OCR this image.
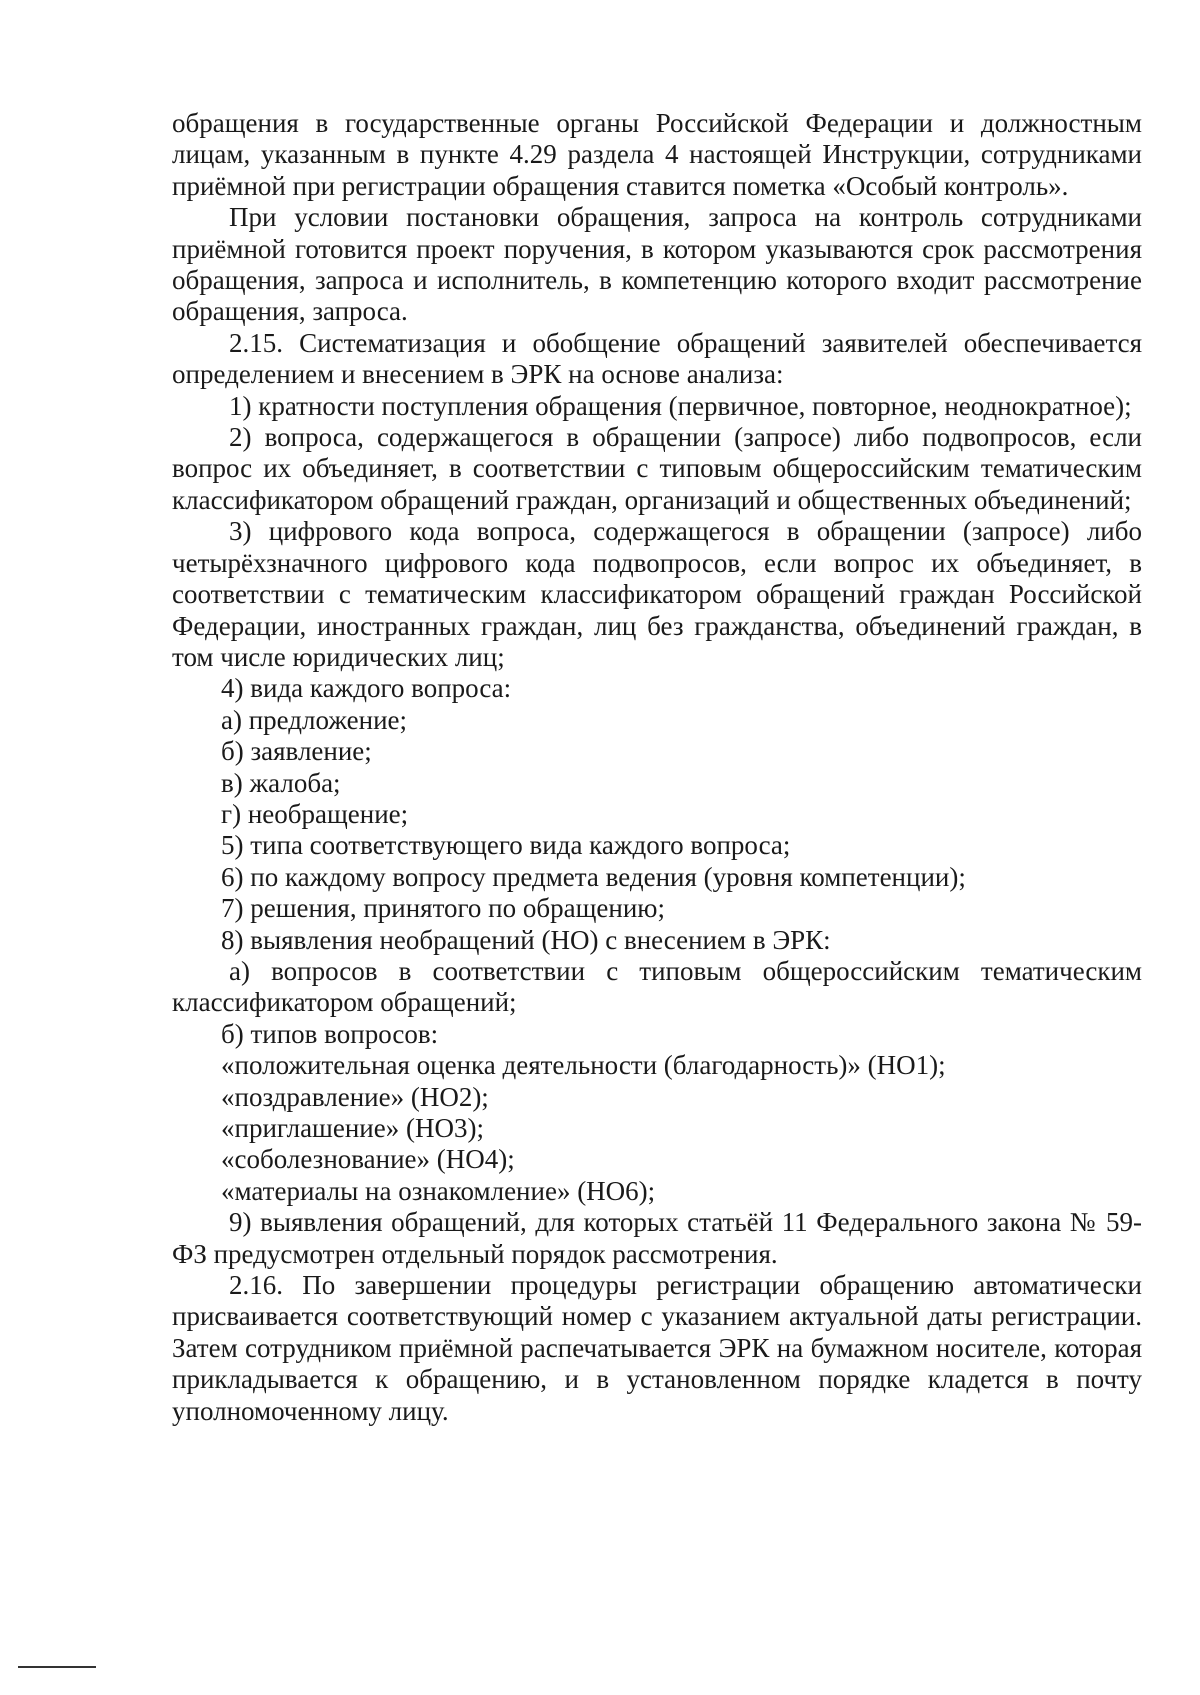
обращения в государственные органы Российской Федерации и должностным лицам, указанным в пункте 4.29 раздела 4 настоящей Инструкции, сотрудниками приёмной при регистрации обращения ставится пометка «Особый контроль».

При условии постановки обращения, запроса на контроль сотрудниками приёмной готовится проект поручения, в котором указываются срок рассмотрения обращения, запроса и исполнитель, в компетенцию которого входит рассмотрение обращения, запроса.

2.15. Систематизация и обобщение обращений заявителей обеспечивается определением и внесением в ЭРК на основе анализа:

1) кратности поступления обращения (первичное, повторное, неоднократное);

2) вопроса, содержащегося в обращении (запросе) либо подвопросов, если вопрос их объединяет, в соответствии с типовым общероссийским тематическим классификатором обращений граждан, организаций и общественных объединений;

3) цифрового кода вопроса, содержащегося в обращении (запросе) либо четырёхзначного цифрового кода подвопросов, если вопрос их объединяет, в соответствии с тематическим классификатором обращений граждан Российской Федерации, иностранных граждан, лиц без гражданства, объединений граждан, в том числе юридических лиц;

4) вида каждого вопроса:

а) предложение;

б) заявление;

в) жалоба;

г) необращение;

5) типа соответствующего вида каждого вопроса;

6) по каждому вопросу предмета ведения (уровня компетенции);

7) решения, принятого по обращению;

8) выявления необращений (НО) с внесением в ЭРК:

а) вопросов в соответствии с типовым общероссийским тематическим классификатором обращений;

б) типов вопросов:

«положительная оценка деятельности (благодарность)» (НО1);

«поздравление» (НО2);

«приглашение» (НО3);

«соболезнование» (НО4);

«материалы на ознакомление» (НО6);

9) выявления обращений, для которых статьёй 11 Федерального закона № 59-ФЗ предусмотрен отдельный порядок рассмотрения.

2.16. По завершении процедуры регистрации обращению автоматически присваивается соответствующий номер с указанием актуальной даты регистрации. Затем сотрудником приёмной распечатывается ЭРК на бумажном носителе, которая прикладывается к обращению, и в установленном порядке кладется в почту уполномоченному лицу.
